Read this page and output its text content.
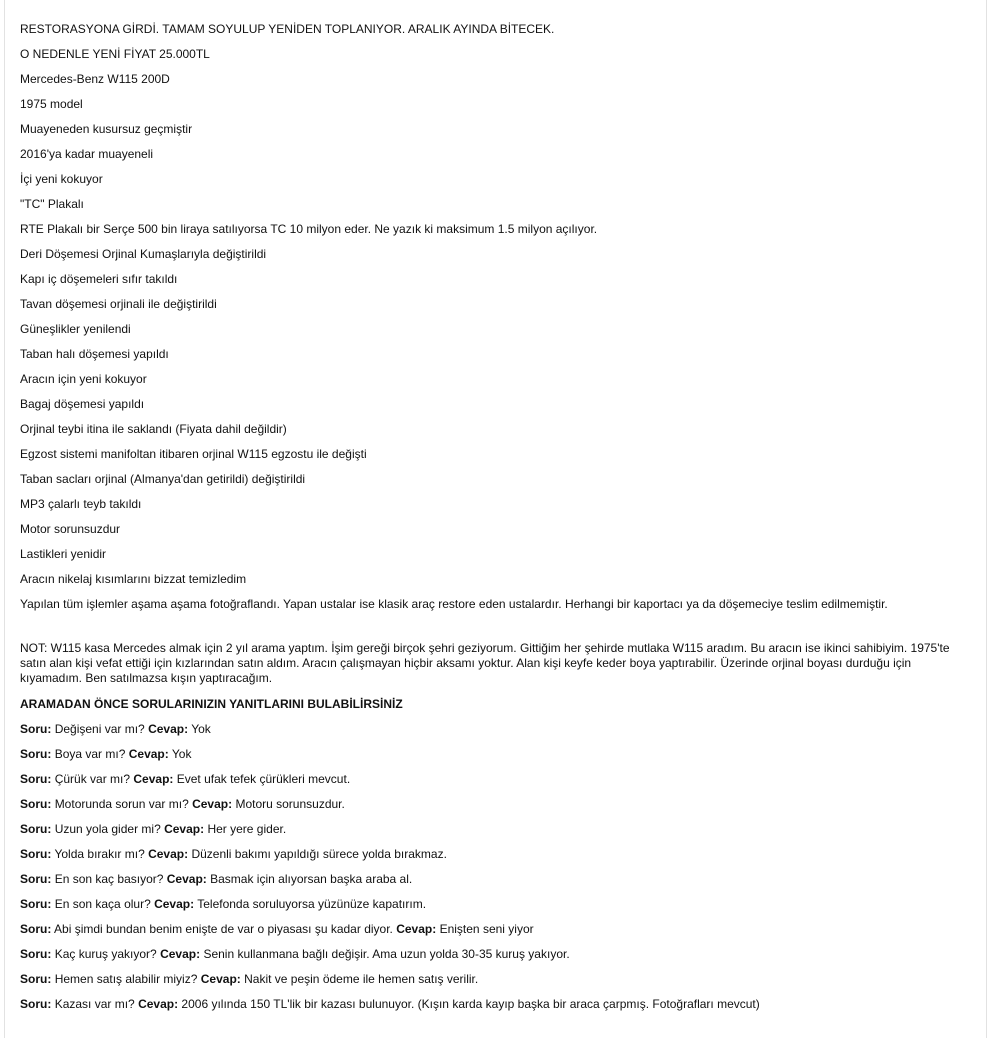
RESTORASYONA GİRDİ. TAMAM SOYULUP YENİDEN TOPLANIYOR. ARALIK AYINDA BİTECEK.
O NEDENLE YENİ FİYAT 25.000TL
Mercedes-Benz W115 200D
1975 model
Muayeneden kusursuz geçmiştir
2016'ya kadar muayeneli
İçi yeni kokuyor
"TC" Plakalı
RTE Plakalı bir Serçe 500 bin liraya satılıyorsa TC 10 milyon eder. Ne yazık ki maksimum 1.5 milyon açılıyor.
Deri Döşemesi Orjinal Kumaşlarıyla değiştirildi
Kapı iç döşemeleri sıfır takıldı
Tavan döşemesi orjinali ile değiştirildi
Güneşlikler yenilendi
Taban halı döşemesi yapıldı
Aracın için yeni kokuyor
Bagaj döşemesi yapıldı
Orjinal teybi itina ile saklandı (Fiyata dahil değildir)
Egzost sistemi manifoltan itibaren orjinal W115 egzostu ile değişti
Taban sacları orjinal (Almanya'dan getirildi) değiştirildi
MP3 çalarlı teyb takıldı
Motor sorunsuzdur
Lastikleri yenidir
Aracın nikelaj kısımlarını bizzat temizledim
Yapılan tüm işlemler aşama aşama fotoğraflandı. Yapan ustalar ise klasik araç restore eden ustalardır. Herhangi bir kaportacı ya da döşemeciye teslim edilmemiştir.
NOT: W115 kasa Mercedes almak için 2 yıl arama yaptım. İşim gereği birçok şehri geziyorum. Gittiğim her şehirde mutlaka W115 aradım. Bu aracın ise ikinci sahibiyim. 1975'te satın alan kişi vefat ettiği için kızlarından satın aldım. Aracın çalışmayan hiçbir aksamı yoktur. Alan kişi keyfe keder boya yaptırabilir. Üzerinde orjinal boyası durduğu için kıyamadım. Ben satılmazsa kışın yaptıracağım.
ARAMADAN ÖNCE SORULARINIZIN YANITLARINI BULABİLİRSİNİZ
Soru: Değişeni var mı? Cevap: Yok
Soru: Boya var mı? Cevap: Yok
Soru: Çürük var mı? Cevap: Evet ufak tefek çürükleri mevcut.
Soru: Motorunda sorun var mı? Cevap: Motoru sorunsuzdur.
Soru: Uzun yola gider mi? Cevap: Her yere gider.
Soru: Yolda bırakır mı? Cevap: Düzenli bakımı yapıldığı sürece yolda bırakmaz.
Soru: En son kaç basıyor? Cevap: Basmak için alıyorsan başka araba al.
Soru: En son kaça olur? Cevap: Telefonda soruluyorsa yüzünüze kapatırım.
Soru: Abi şimdi bundan benim enişte de var o piyasası şu kadar diyor. Cevap: Enişten seni yiyor
Soru: Kaç kuruş yakıyor? Cevap: Senin kullanmana bağlı değişir. Ama uzun yolda 30-35 kuruş yakıyor.
Soru: Hemen satış alabilir miyiz? Cevap: Nakit ve peşin ödeme ile hemen satış verilir.
Soru: Kazası var mı? Cevap: 2006 yılında 150 TL'lik bir kazası bulunuyor. (Kışın karda kayıp başka bir araca çarpmış. Fotoğrafları mevcut)
